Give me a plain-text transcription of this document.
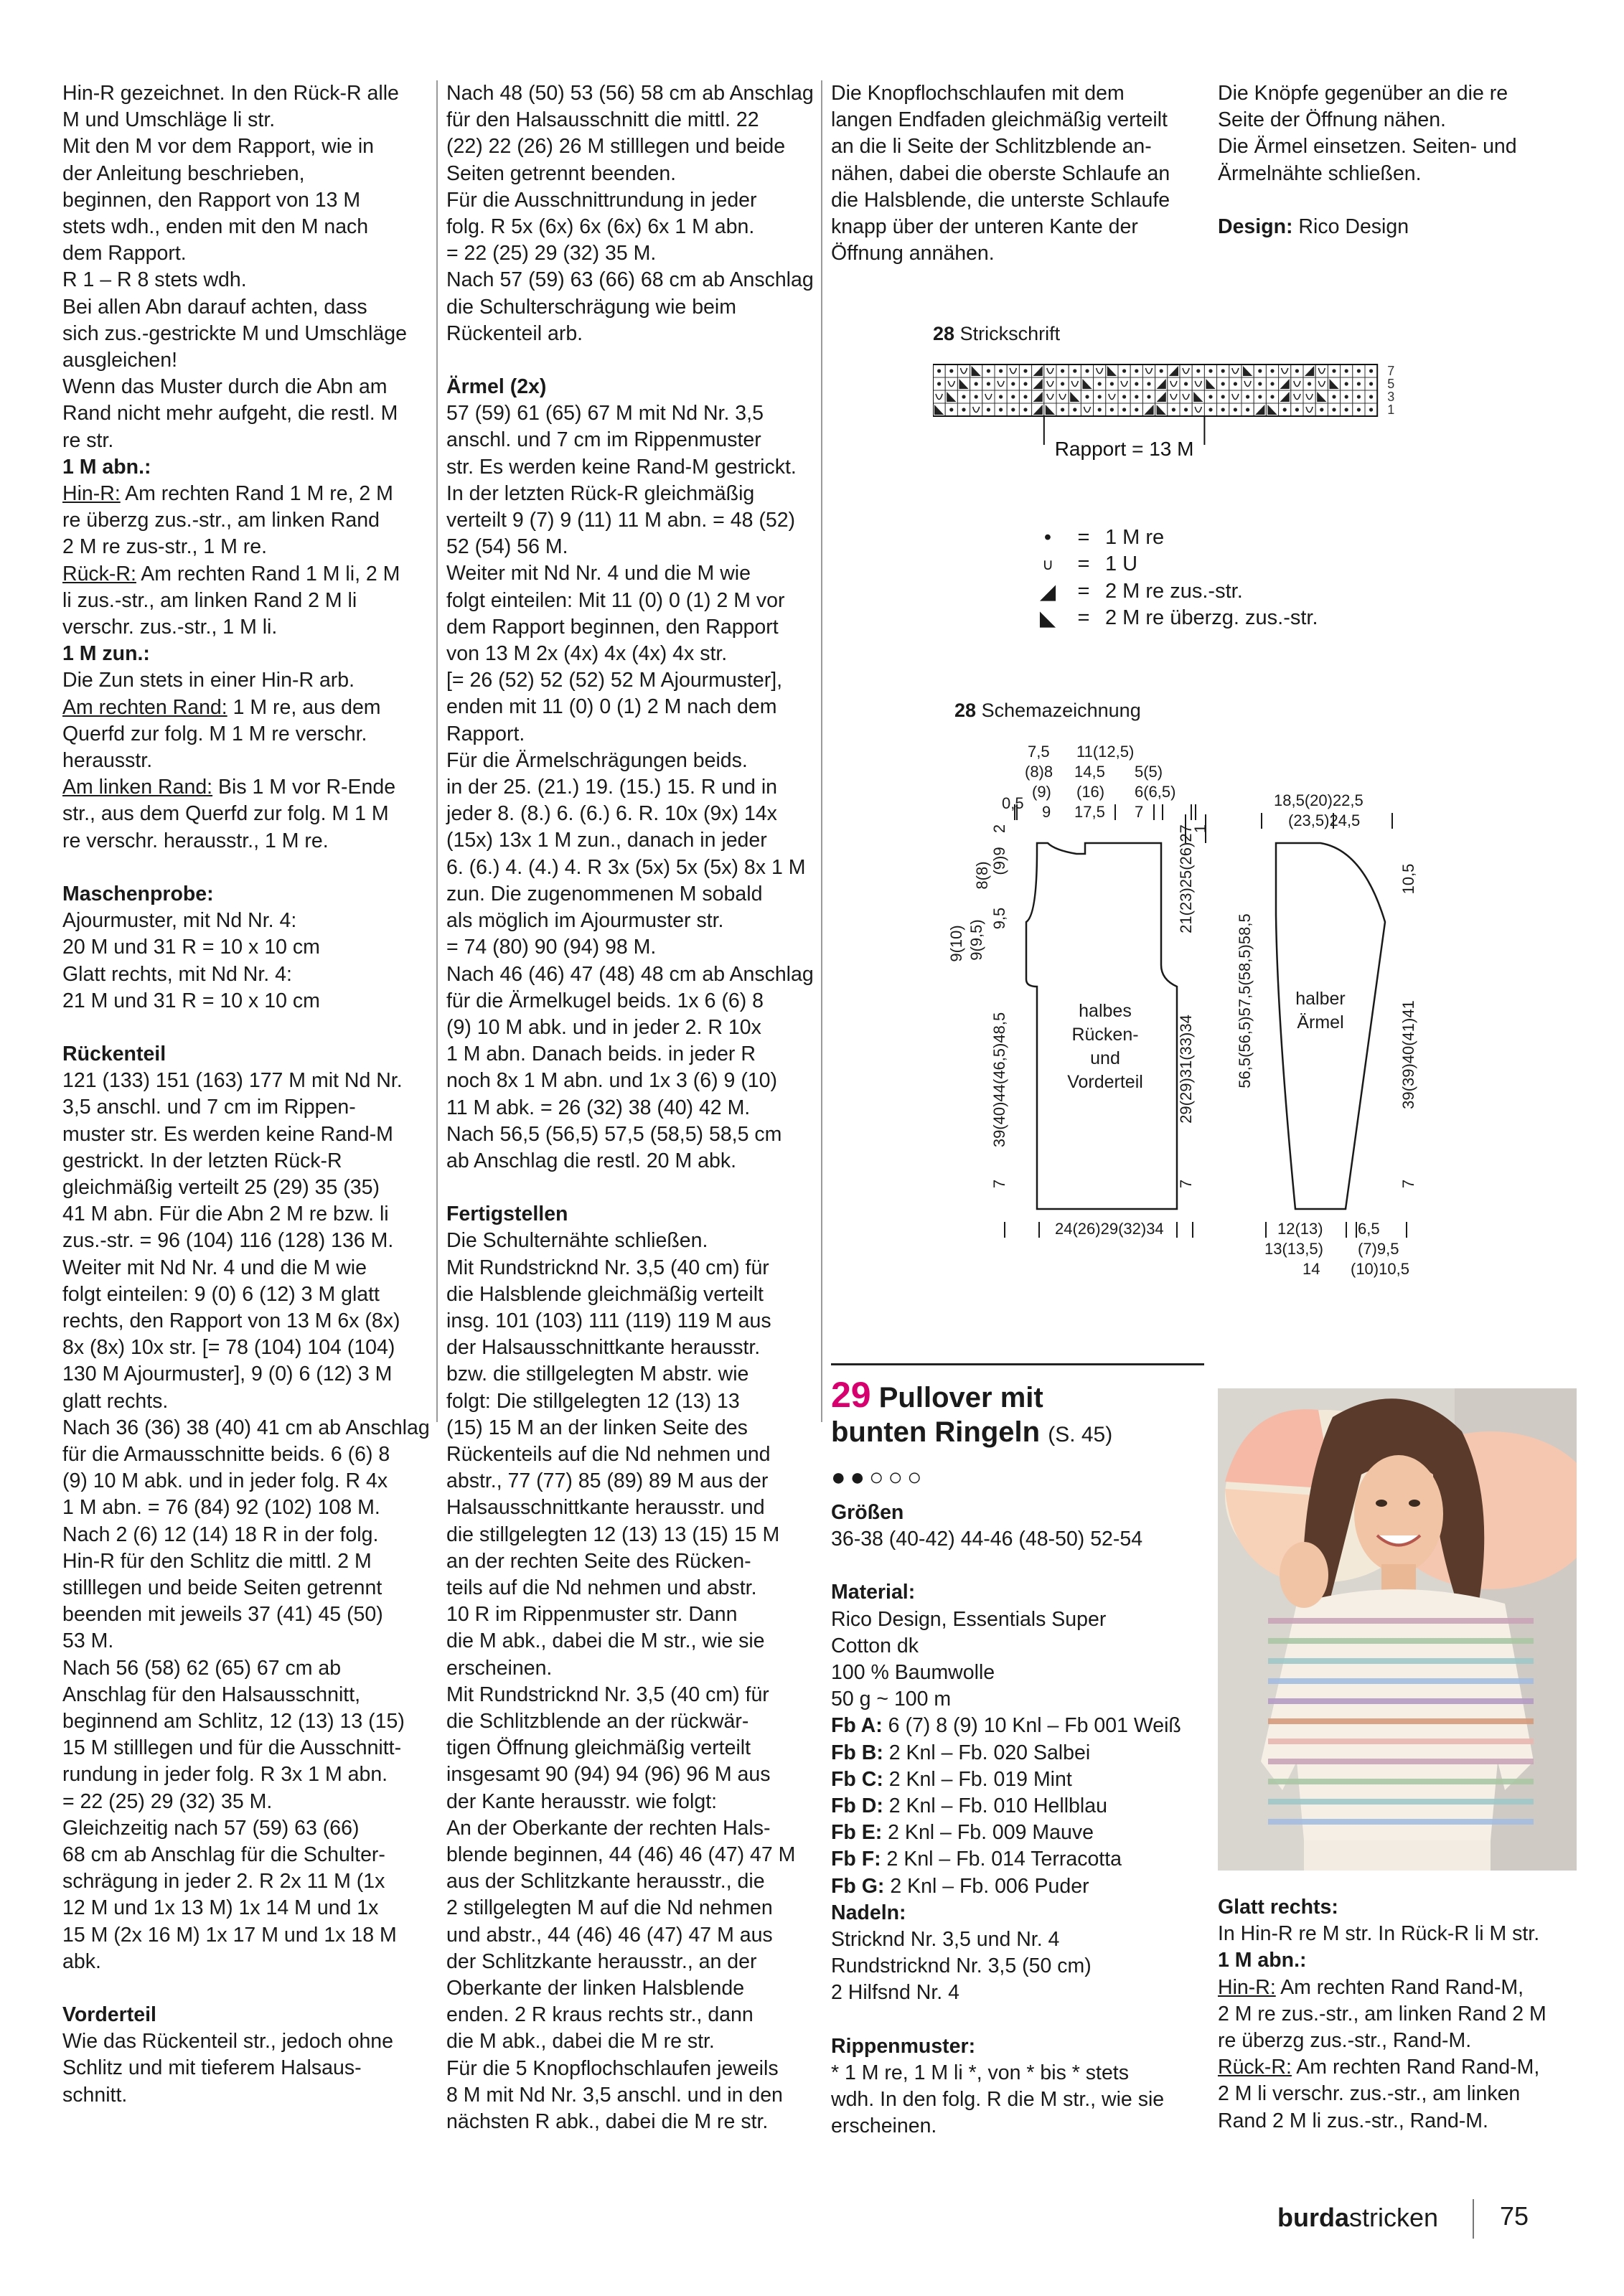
Hin-R gezeichnet. In den Rück-R alle

M und Umschläge li str.

Mit den M vor dem Rapport, wie in

der Anleitung beschrieben,

beginnen, den Rapport von 13 M

stets wdh., enden mit den M nach

dem Rapport.

R 1 – R 8 stets wdh.

Bei allen Abn darauf achten, dass

sich zus.-gestrickte M und Umschläge

ausgleichen!

Wenn das Muster durch die Abn am

Rand nicht mehr aufgeht, die restl. M

re str.

1 M abn.:

Hin-R: Am rechten Rand 1 M re, 2 M

re überzg zus.-str., am linken Rand

2 M re zus-str., 1 M re.

Rück-R: Am rechten Rand 1 M li, 2 M

li zus.-str., am linken Rand 2 M li

verschr. zus.-str., 1 M li.

1 M zun.:

Die Zun stets in einer Hin-R arb.

Am rechten Rand: 1 M re, aus dem

Querfd zur folg. M 1 M re verschr.

herausstr.

Am linken Rand: Bis 1 M vor R-Ende

str., aus dem Querfd zur folg. M 1 M

re verschr. herausstr., 1 M re.

Maschenprobe:

Ajourmuster, mit Nd Nr. 4:

20 M und 31 R = 10 x 10 cm

Glatt rechts, mit Nd Nr. 4:

21 M und 31 R = 10 x 10 cm

Rückenteil

121 (133) 151 (163) 177 M mit Nd Nr.

3,5 anschl. und 7 cm im Rippen-

muster str. Es werden keine Rand-M

gestrickt. In der letzten Rück-R

gleichmäßig verteilt 25 (29) 35 (35)

41 M abn. Für die Abn 2 M re bzw. li

zus.-str. = 96 (104) 116 (128) 136 M.

Weiter mit Nd Nr. 4 und die M wie

folgt einteilen: 9 (0) 6 (12) 3 M glatt

rechts, den Rapport von 13 M 6x (8x)

8x (8x) 10x str. [= 78 (104) 104 (104)

130 M Ajourmuster], 9 (0) 6 (12) 3 M

glatt rechts.

Nach 36 (36) 38 (40) 41 cm ab Anschlag

für die Armausschnitte beids. 6 (6) 8

(9) 10 M abk. und in jeder folg. R 4x

1 M abn. = 76 (84) 92 (102) 108 M.

Nach 2 (6) 12 (14) 18 R in der folg.

Hin-R für den Schlitz die mittl. 2 M

stilllegen und beide Seiten getrennt

beenden mit jeweils 37 (41) 45 (50)

53 M.

Nach 56 (58) 62 (65) 67 cm ab

Anschlag für den Halsausschnitt,

beginnend am Schlitz, 12 (13) 13 (15)

15 M stilllegen und für die Ausschnitt-

rundung in jeder folg. R 3x 1 M abn.

= 22 (25) 29 (32) 35 M.

Gleichzeitig nach 57 (59) 63 (66)

68 cm ab Anschlag für die Schulter-

schrägung in jeder 2. R 2x 11 M (1x

12 M und 1x 13 M) 1x 14 M und 1x

15 M (2x 16 M) 1x 17 M und 1x 18 M

abk.

Vorderteil

Wie das Rückenteil str., jedoch ohne

Schlitz und mit tieferem Halsaus-

schnitt.

Nach 48 (50) 53 (56) 58 cm ab Anschlag

für den Halsausschnitt die mittl. 22

(22) 22 (26) 26 M stilllegen und beide

Seiten getrennt beenden.

Für die Ausschnittrundung in jeder

folg. R 5x (6x) 6x (6x) 6x 1 M abn.

= 22 (25) 29 (32) 35 M.

Nach 57 (59) 63 (66) 68 cm ab Anschlag

die Schulterschrägung wie beim

Rückenteil arb.

Ärmel (2x)

57 (59) 61 (65) 67 M mit Nd Nr. 3,5

anschl. und 7 cm im Rippenmuster

str. Es werden keine Rand-M gestrickt.

In der letzten Rück-R gleichmäßig

verteilt 9 (7) 9 (11) 11 M abn. = 48 (52)

52 (54) 56 M.

Weiter mit Nd Nr. 4 und die M wie

folgt einteilen: Mit 11 (0) 0 (1) 2 M vor

dem Rapport beginnen, den Rapport

von 13 M 2x (4x) 4x (4x) 4x str.

[= 26 (52) 52 (52) 52 M Ajourmuster],

enden mit 11 (0) 0 (1) 2 M nach dem

Rapport.

Für die Ärmelschrägungen beids.

in der 25. (21.) 19. (15.) 15. R und in

jeder 8. (8.) 6. (6.) 6. R. 10x (9x) 14x

(15x) 13x 1 M zun., danach in jeder

6. (6.) 4. (4.) 4. R 3x (5x) 5x (5x) 8x 1 M

zun. Die zugenommenen M sobald

als möglich im Ajourmuster str.

= 74 (80) 90 (94) 98 M.

Nach 46 (46) 47 (48) 48 cm ab Anschlag

für die Ärmelkugel beids. 1x 6 (6) 8

(9) 10 M abk. und in jeder 2. R 10x

1 M abn. Danach beids. in jeder R

noch 8x 1 M abn. und 1x 3 (6) 9 (10)

11 M abk. = 26 (32) 38 (40) 42 M.

Nach 56,5 (56,5) 57,5 (58,5) 58,5 cm

ab Anschlag die restl. 20 M abk.

Fertigstellen

Die Schulternähte schließen.

Mit Rundstricknd Nr. 3,5 (40 cm) für

die Halsblende gleichmäßig verteilt

insg. 101 (103) 111 (119) 119 M aus

der Halsausschnittkante herausstr.

bzw. die stillgelegten M abstr. wie

folgt: Die stillgelegten 12 (13) 13

(15) 15 M an der linken Seite des

Rückenteils auf die Nd nehmen und

abstr., 77 (77) 85 (89) 89 M aus der

Halsausschnittkante herausstr. und

die stillgelegten 12 (13) 13 (15) 15 M

an der rechten Seite des Rücken-

teils auf die Nd nehmen und abstr.

10 R im Rippenmuster str. Dann

die M abk., dabei die M str., wie sie

erscheinen.

Mit Rundstricknd Nr. 3,5 (40 cm) für

die Schlitzblende an der rückwär-

tigen Öffnung gleichmäßig verteilt

insgesamt 90 (94) 94 (96) 96 M aus

der Kante herausstr. wie folgt:

An der Oberkante der rechten Hals-

blende beginnen, 44 (46) 46 (47) 47 M

aus der Schlitzkante herausstr., die

2 stillgelegten M auf die Nd nehmen

und abstr., 44 (46) 46 (47) 47 M aus

der Schlitzkante herausstr., an der

Oberkante der linken Halsblende

enden. 2 R kraus rechts str., dann

die M abk., dabei die M re str.

Für die 5 Knopflochschlaufen jeweils

8 M mit Nd Nr. 3,5 anschl. und in den

nächsten R abk., dabei die M re str.

Die Knopflochschlaufen mit dem

langen Endfaden gleichmäßig verteilt

an die li Seite der Schlitzblende an-

nähen, dabei die oberste Schlaufe an

die Halsblende, die unterste Schlaufe

knapp über der unteren Kante der

Öffnung annähen.

Die Knöpfe gegenüber an die re

Seite der Öffnung nähen.

Die Ärmel einsetzen. Seiten- und

Ärmelnähte schließen.

Design: Rico Design

28 Strickschrift
Rapport = 13 M
7
5
3
1
•	= 1 M re
∪	= 1 U
◢	= 2 M re zus.-str.
◣	= 2 M re überzg. zus.-str.
28 Schemazeichnung
halbes
Rücken-
und
Vorderteil
halber
Ärmel
7,5
(8)8
(9)
0,5 9
11(12,5)
14,5
(16)
17,5
5(5)
6(6,5)
7
9(10) 9(9,5)
8(8)
9,5
(9)9
2
39(40)44(46,5)48,5
7
1
21(23)25(26)27
29(29)31(33)34
7
24(26)29(32)34
18,5(20)22,5
(23,5)24,5
56,5(56,5)57,5(58,5)58,5
10,5
39(39)40(41)41
7
12(13)
13(13,5)
14
6,5
(7)9,5
(10)10,5
29 Pullover mit
bunten Ringeln (S. 45)
●●○○○

Größen

36-38 (40-42) 44-46 (48-50) 52-54

Material:

Rico Design, Essentials Super

Cotton dk

100 % Baumwolle

50 g ~ 100 m

Fb A: 6 (7) 8 (9) 10 Knl – Fb 001 Weiß

Fb B: 2 Knl – Fb. 020 Salbei

Fb C: 2 Knl – Fb. 019 Mint

Fb D: 2 Knl – Fb. 010 Hellblau

Fb E: 2 Knl – Fb. 009 Mauve

Fb F: 2 Knl – Fb. 014 Terracotta

Fb G: 2 Knl – Fb. 006 Puder

Nadeln:

Stricknd Nr. 3,5 und Nr. 4

Rundstricknd Nr. 3,5 (50 cm)

2 Hilfsnd Nr. 4

Rippenmuster:

* 1 M re, 1 M li *, von * bis * stets

wdh. In den folg. R die M str., wie sie

erscheinen.

Glatt rechts:

In Hin-R re M str. In Rück-R li M str.

1 M abn.:

Hin-R: Am rechten Rand Rand-M,

2 M re zus.-str., am linken Rand 2 M

re überzg zus.-str., Rand-M.

Rück-R: Am rechten Rand Rand-M,

2 M li verschr. zus.-str., am linken

Rand 2 M li zus.-str., Rand-M.

burdastricken 75
